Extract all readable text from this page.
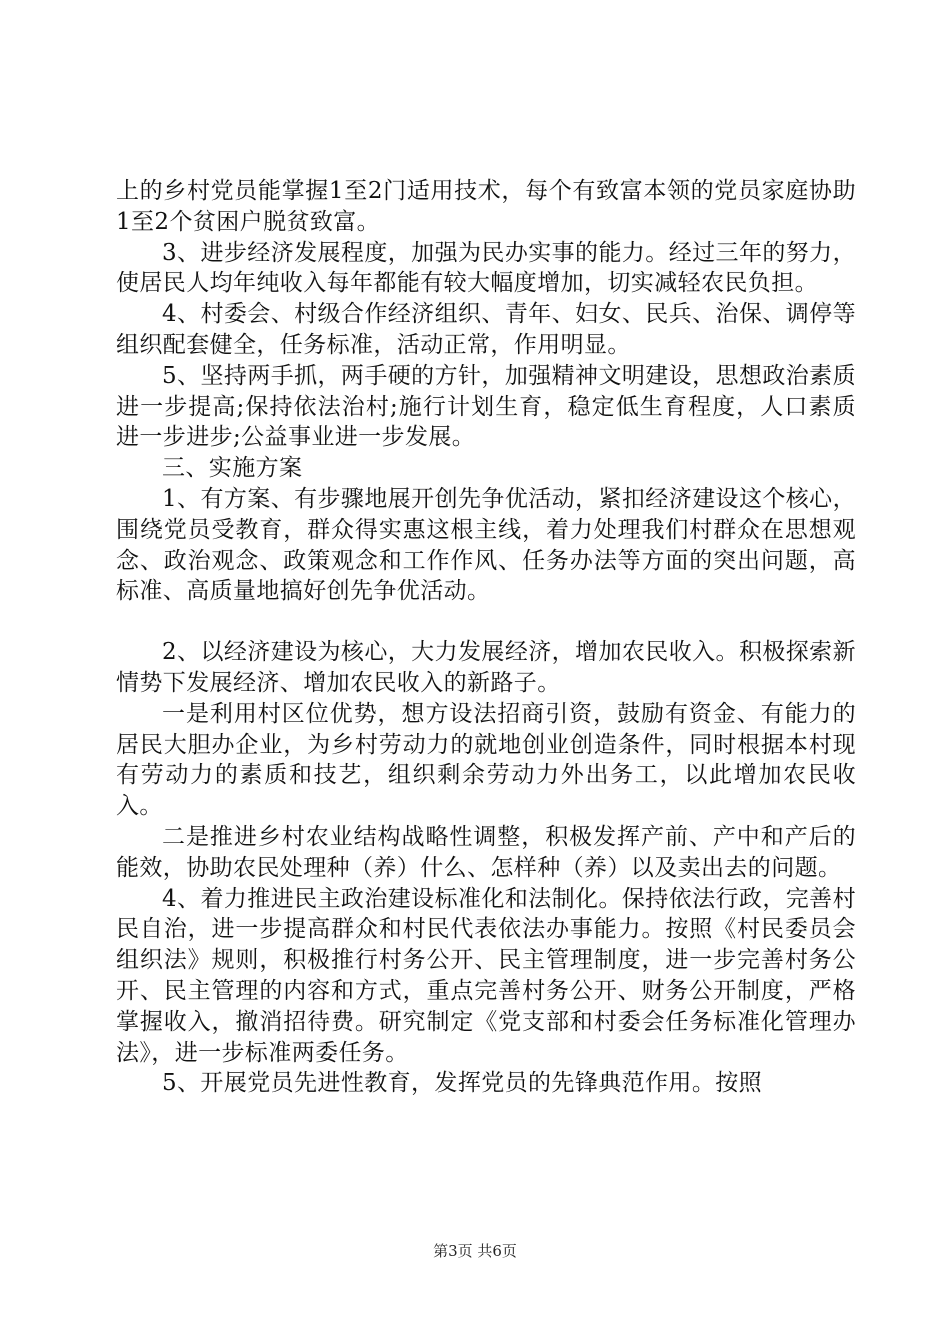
上的乡村党员能掌握1至2门适用技术，每个有致富本领的党员家庭协助1至2个贫困户脱贫致富。

3、进步经济发展程度，加强为民办实事的能力。经过三年的努力，使居民人均年纯收入每年都能有较大幅度增加，切实减轻农民负担。

4、村委会、村级合作经济组织、青年、妇女、民兵、治保、调停等组织配套健全，任务标准，活动正常，作用明显。

5、坚持两手抓，两手硬的方针，加强精神文明建设，思想政治素质进一步提高;保持依法治村;施行计划生育，稳定低生育程度，人口素质进一步进步;公益事业进一步发展。

三、实施方案

1、有方案、有步骤地展开创先争优活动，紧扣经济建设这个核心，围绕党员受教育，群众得实惠这根主线，着力处理我们村群众在思想观念、政治观念、政策观念和工作作风、任务办法等方面的突出问题，高标准、高质量地搞好创先争优活动。

2、以经济建设为核心，大力发展经济，增加农民收入。积极探索新情势下发展经济、增加农民收入的新路子。

一是利用村区位优势，想方设法招商引资，鼓励有资金、有能力的居民大胆办企业，为乡村劳动力的就地创业创造条件，同时根据本村现有劳动力的素质和技艺，组织剩余劳动力外出务工，以此增加农民收入。

二是推进乡村农业结构战略性调整，积极发挥产前、产中和产后的能效，协助农民处理种（养）什么、怎样种（养）以及卖出去的问题。

4、着力推进民主政治建设标准化和法制化。保持依法行政，完善村民自治，进一步提高群众和村民代表依法办事能力。按照《村民委员会组织法》规则，积极推行村务公开、民主管理制度，进一步完善村务公开、民主管理的内容和方式，重点完善村务公开、财务公开制度，严格掌握收入，撤消招待费。研究制定《党支部和村委会任务标准化管理办法》，进一步标准两委任务。

5、开展党员先进性教育，发挥党员的先锋典范作用。按照

第3页 共6页
